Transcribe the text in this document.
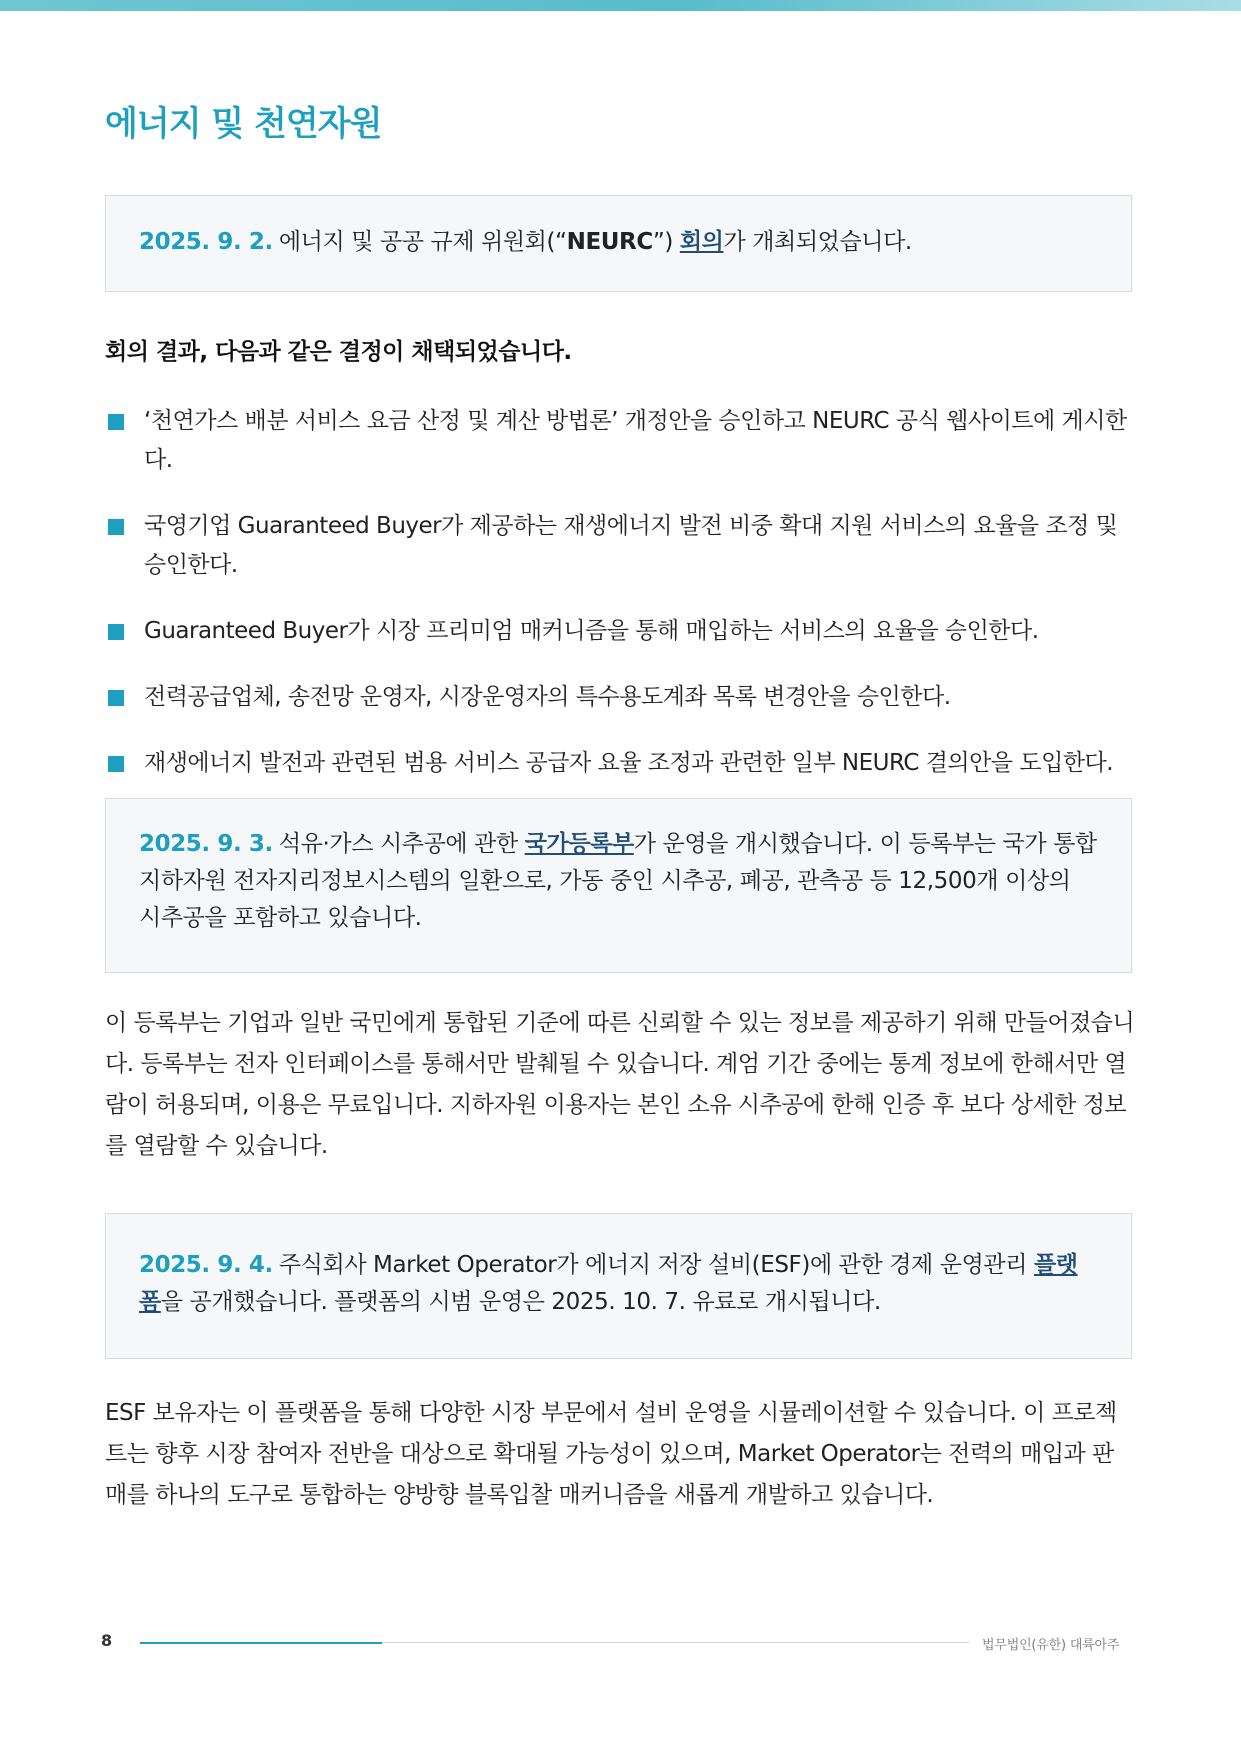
에너지 및 천연자원
2025. 9. 2. 에너지 및 공공 규제 위원회(“NEURC”) 회의가 개최되었습니다.
회의 결과, 다음과 같은 결정이 채택되었습니다.
‘천연가스 배분 서비스 요금 산정 및 계산 방법론’ 개정안을 승인하고 NEURC 공식 웹사이트에 게시한다.
국영기업 Guaranteed Buyer가 제공하는 재생에너지 발전 비중 확대 지원 서비스의 요율을 조정 및 승인한다.
Guaranteed Buyer가 시장 프리미엄 매커니즘을 통해 매입하는 서비스의 요율을 승인한다.
전력공급업체, 송전망 운영자, 시장운영자의 특수용도계좌 목록 변경안을 승인한다.
재생에너지 발전과 관련된 범용 서비스 공급자 요율 조정과 관련한 일부 NEURC 결의안을 도입한다.
2025. 9. 3. 석유·가스 시추공에 관한 국가등록부가 운영을 개시했습니다. 이 등록부는 국가 통합 지하자원 전자지리정보시스템의 일환으로, 가동 중인 시추공, 폐공, 관측공 등 12,500개 이상의 시추공을 포함하고 있습니다.

이 등록부는 기업과 일반 국민에게 통합된 기준에 따른 신뢰할 수 있는 정보를 제공하기 위해 만들어졌습니다. 등록부는 전자 인터페이스를 통해서만 발췌될 수 있습니다. 계엄 기간 중에는 통계 정보에 한해서만 열람이 허용되며, 이용은 무료입니다. 지하자원 이용자는 본인 소유 시추공에 한해 인증 후 보다 상세한 정보를 열람할 수 있습니다.

2025. 9. 4. 주식회사 Market Operator가 에너지 저장 설비(ESF)에 관한 경제 운영관리 플랫폼을 공개했습니다. 플랫폼의 시범 운영은 2025. 10. 7. 유료로 개시됩니다.

ESF 보유자는 이 플랫폼을 통해 다양한 시장 부문에서 설비 운영을 시뮬레이션할 수 있습니다. 이 프로젝트는 향후 시장 참여자 전반을 대상으로 확대될 가능성이 있으며, Market Operator는 전력의 매입과 판매를 하나의 도구로 통합하는 양방향 블록입찰 매커니즘을 새롭게 개발하고 있습니다.

8	법무법인(유한) 대륙아주
